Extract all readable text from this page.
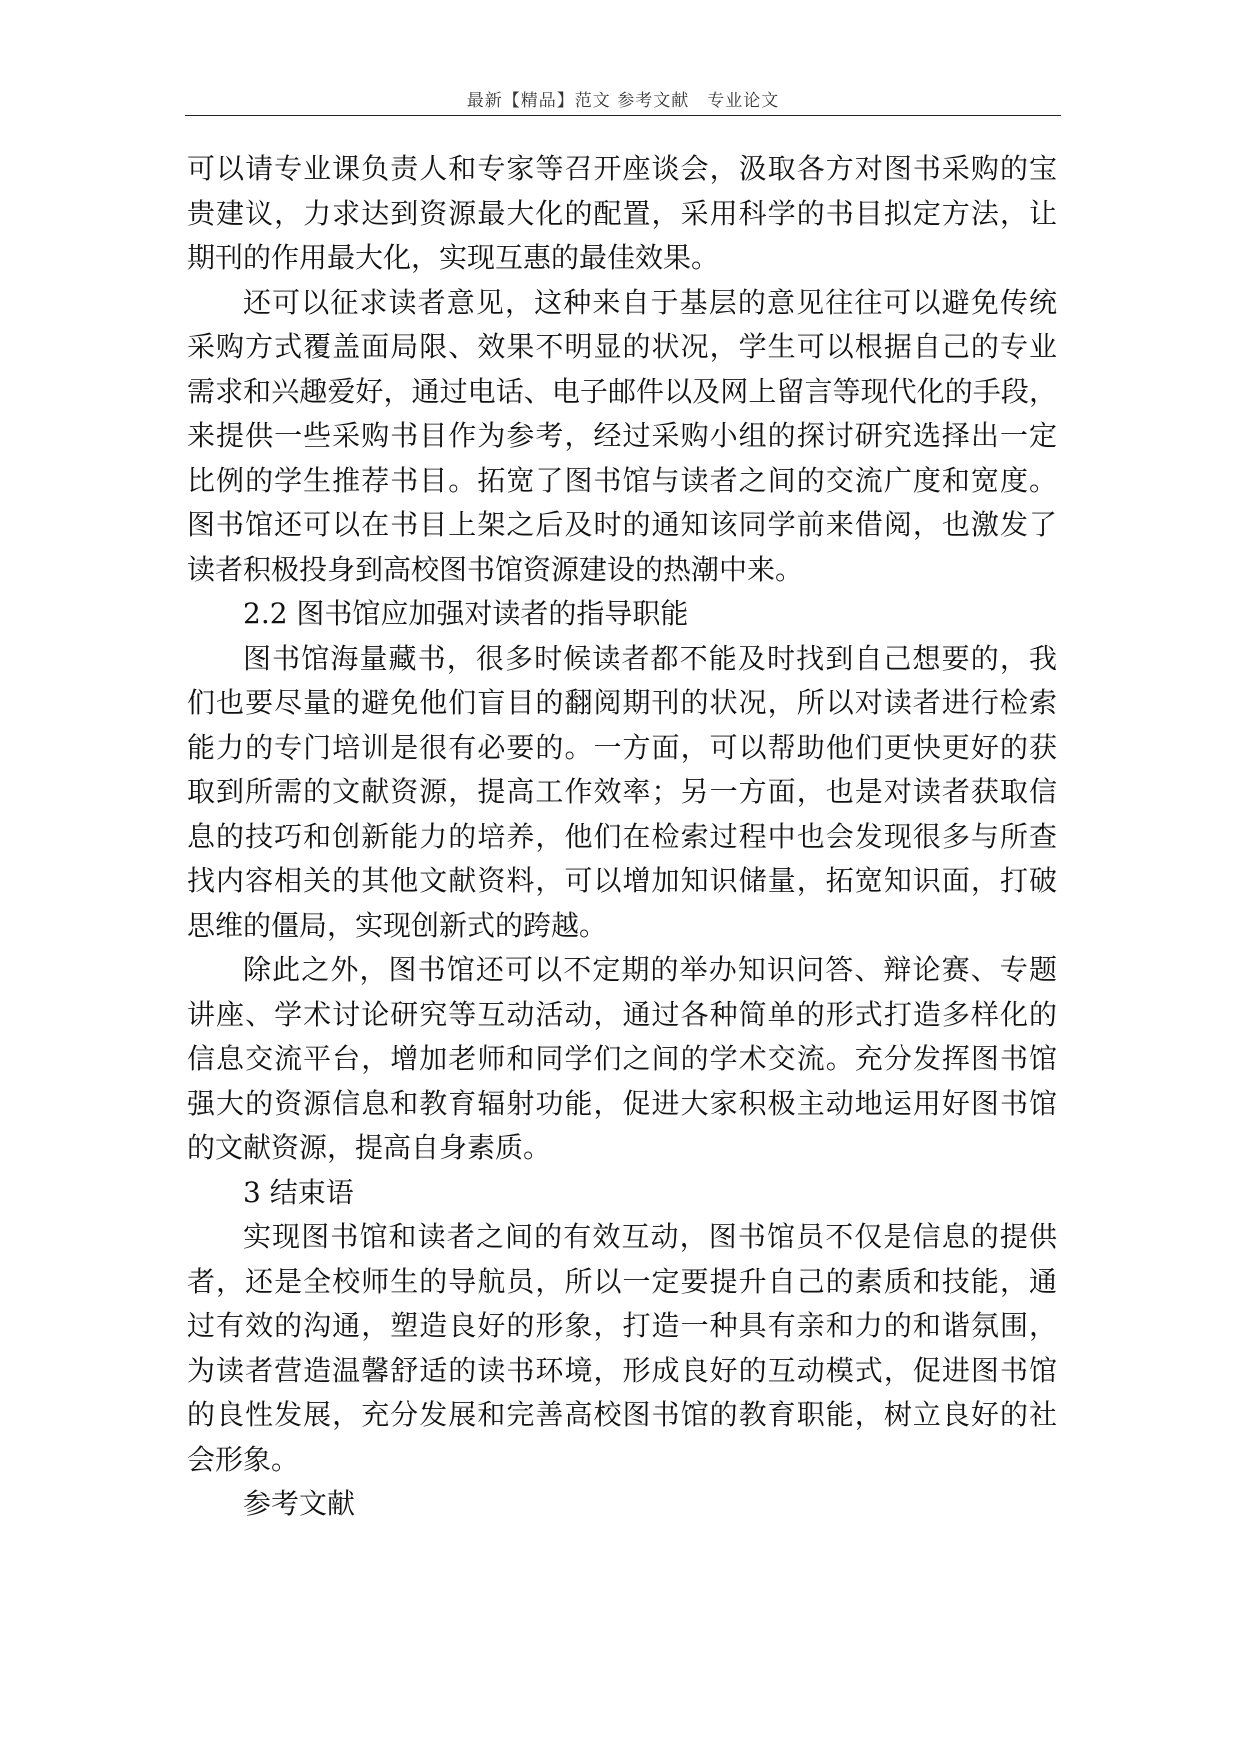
最新【精品】范文 参考文献　专业论文
可以请专业课负责人和专家等召开座谈会，汲取各方对图书采购的宝
贵建议，力求达到资源最大化的配置，采用科学的书目拟定方法，让
期刊的作用最大化，实现互惠的最佳效果。
还可以征求读者意见，这种来自于基层的意见往往可以避免传统
采购方式覆盖面局限、效果不明显的状况，学生可以根据自己的专业
需求和兴趣爱好，通过电话、电子邮件以及网上留言等现代化的手段，
来提供一些采购书目作为参考，经过采购小组的探讨研究选择出一定
比例的学生推荐书目。拓宽了图书馆与读者之间的交流广度和宽度。
图书馆还可以在书目上架之后及时的通知该同学前来借阅，也激发了
读者积极投身到高校图书馆资源建设的热潮中来。
2.2 图书馆应加强对读者的指导职能
图书馆海量藏书，很多时候读者都不能及时找到自己想要的，我
们也要尽量的避免他们盲目的翻阅期刊的状况，所以对读者进行检索
能力的专门培训是很有必要的。一方面，可以帮助他们更快更好的获
取到所需的文献资源，提高工作效率；另一方面，也是对读者获取信
息的技巧和创新能力的培养，他们在检索过程中也会发现很多与所查
找内容相关的其他文献资料，可以增加知识储量，拓宽知识面，打破
思维的僵局，实现创新式的跨越。
除此之外，图书馆还可以不定期的举办知识问答、辩论赛、专题
讲座、学术讨论研究等互动活动，通过各种简单的形式打造多样化的
信息交流平台，增加老师和同学们之间的学术交流。充分发挥图书馆
强大的资源信息和教育辐射功能，促进大家积极主动地运用好图书馆
的文献资源，提高自身素质。
3 结束语
实现图书馆和读者之间的有效互动，图书馆员不仅是信息的提供
者，还是全校师生的导航员，所以一定要提升自己的素质和技能，通
过有效的沟通，塑造良好的形象，打造一种具有亲和力的和谐氛围，
为读者营造温馨舒适的读书环境，形成良好的互动模式，促进图书馆
的良性发展，充分发展和完善高校图书馆的教育职能，树立良好的社
会形象。
参考文献
